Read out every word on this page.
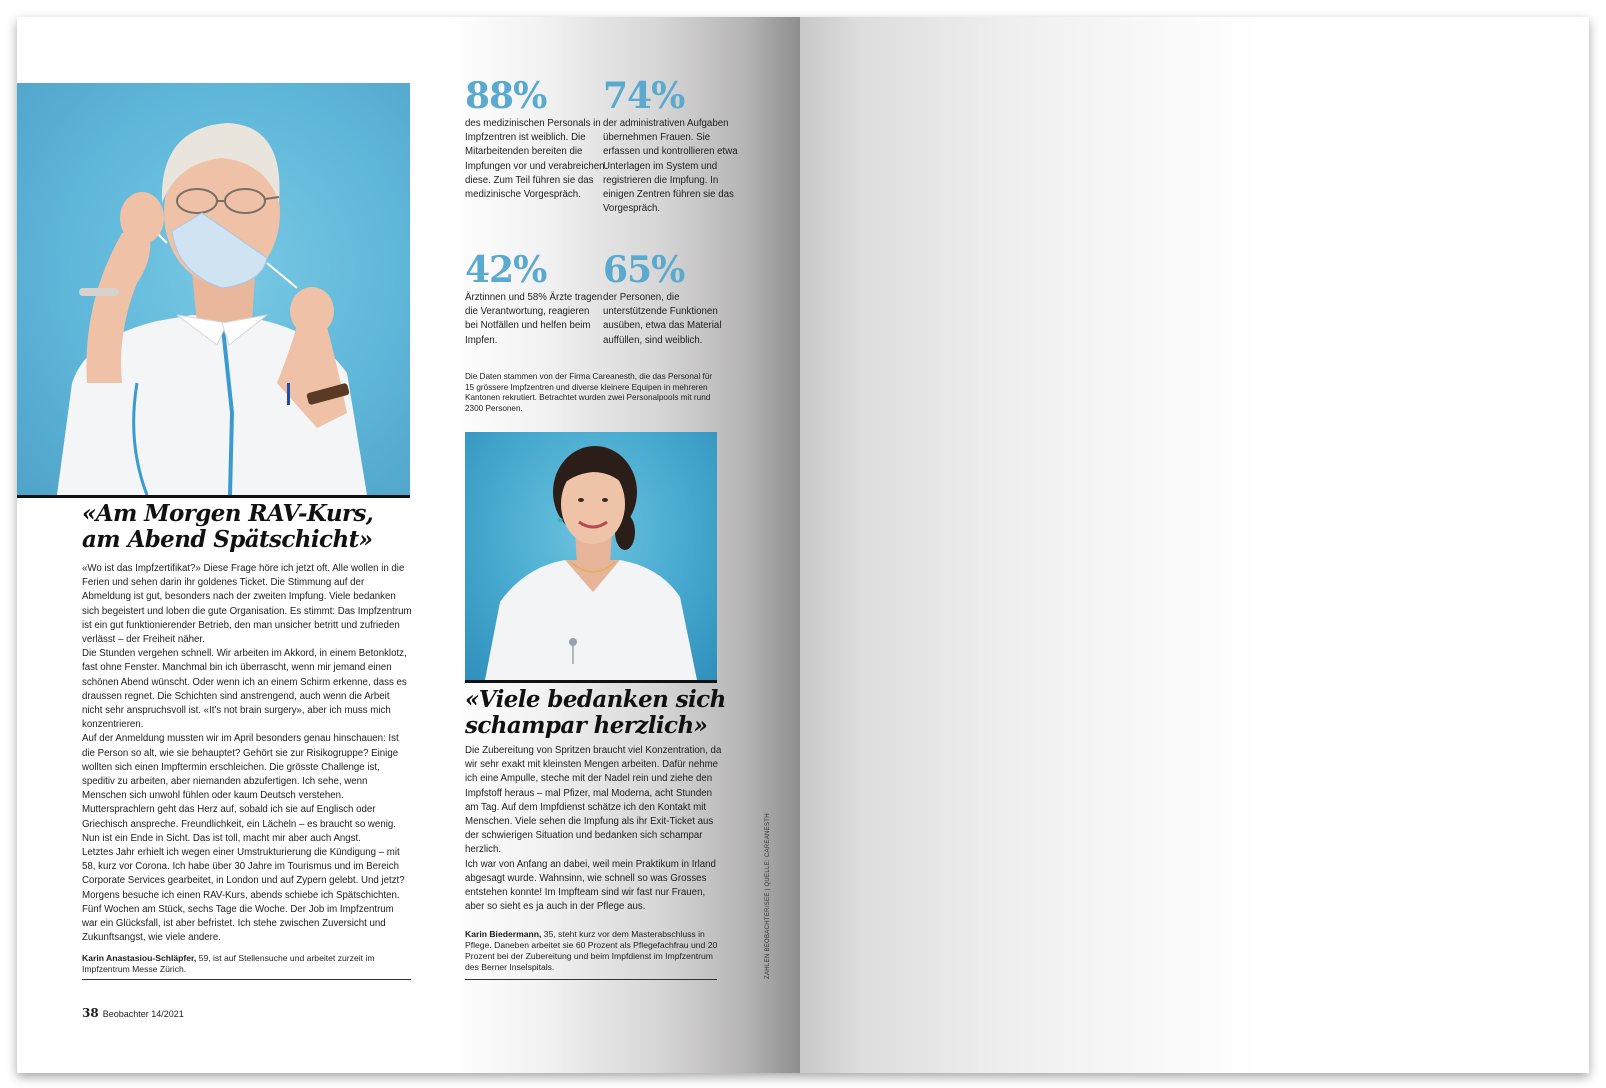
«Am Morgen RAV-Kurs,
am Abend Spätschicht»

«Wo ist das Impfzertifikat?» Diese Frage höre ich jetzt oft. Alle wollen in die Ferien und sehen darin ihr goldenes Ticket. Die Stimmung auf der Abmeldung ist gut, besonders nach der zweiten Impfung. Viele bedanken sich begeistert und loben die gute Organisation. Es stimmt: Das Impfzentrum ist ein gut funktionierender Betrieb, den man unsicher betritt und zufrieden verlässt – der Freiheit näher.

Die Stunden vergehen schnell. Wir arbeiten im Akkord, in einem Betonklotz, fast ohne Fenster. Manchmal bin ich überrascht, wenn mir jemand einen schönen Abend wünscht. Oder wenn ich an einem Schirm erkenne, dass es draussen regnet. Die Schichten sind anstrengend, auch wenn die Arbeit nicht sehr anspruchsvoll ist. «It's not brain surgery», aber ich muss mich konzentrieren.

Auf der Anmeldung mussten wir im April besonders genau hinschauen: Ist die Person so alt, wie sie behauptet? Gehört sie zur Risikogruppe? Einige wollten sich einen Impftermin erschleichen. Die grösste Challenge ist, speditiv zu arbeiten, aber niemanden abzufertigen. Ich sehe, wenn Menschen sich unwohl fühlen oder kaum Deutsch verstehen. Muttersprachlern geht das Herz auf, sobald ich sie auf Englisch oder Griechisch anspreche. Freundlichkeit, ein Lächeln – es braucht so wenig. Nun ist ein Ende in Sicht. Das ist toll, macht mir aber auch Angst.

Letztes Jahr erhielt ich wegen einer Umstrukturierung die Kündigung – mit 58, kurz vor Corona. Ich habe über 30 Jahre im Tourismus und im Bereich Corporate Services gearbeitet, in London und auf Zypern gelebt. Und jetzt? Morgens besuche ich einen RAV-Kurs, abends schiebe ich Spätschichten. Fünf Wochen am Stück, sechs Tage die Woche. Der Job im Impfzentrum war ein Glücksfall, ist aber befristet. Ich stehe zwischen Zuversicht und Zukunftsangst, wie viele andere.

Karin Anastasiou-Schläpfer, 59, ist auf Stellensuche und arbeitet zurzeit im Impfzentrum Messe Zürich.
38 Beobachter 14/2021
88%
des medizinischen Personals in Impfzentren ist weiblich. Die Mitarbeitenden bereiten die Impfungen vor und verabreichen diese. Zum Teil führen sie das medizinische Vorgespräch.
74%
der administrativen Aufgaben übernehmen Frauen. Sie erfassen und kontrollieren etwa Unterlagen im System und registrieren die Impfung. In einigen Zentren führen sie das Vorgespräch.
42%
Ärztinnen und 58% Ärzte tragen die Verantwortung, reagieren bei Notfällen und helfen beim Impfen.
65%
der Personen, die unterstützende Funktionen ausüben, etwa das Material auffüllen, sind weiblich.
Die Daten stammen von der Firma Careanesth, die das Personal für 15 grössere Impfzentren und diverse kleinere Equipen in mehreren Kantonen rekrutiert. Betrachtet wurden zwei Personalpools mit rund 2300 Personen.
«Viele bedanken sich
schampar herzlich»

Die Zubereitung von Spritzen braucht viel Konzentration, da wir sehr exakt mit kleinsten Mengen arbeiten. Dafür nehme ich eine Ampulle, steche mit der Nadel rein und ziehe den Impfstoff heraus – mal Pfizer, mal Moderna, acht Stunden am Tag. Auf dem Impfdienst schätze ich den Kontakt mit Menschen. Viele sehen die Impfung als ihr Exit-Ticket aus der schwierigen Situation und bedanken sich schampar herzlich.

Ich war von Anfang an dabei, weil mein Praktikum in Irland abgesagt wurde. Wahnsinn, wie schnell so was Grosses entstehen konnte! Im Impfteam sind wir fast nur Frauen, aber so sieht es ja auch in der Pflege aus.

Karin Biedermann, 35, steht kurz vor dem Masterabschluss in Pflege. Daneben arbeitet sie 60 Prozent als Pflegefachfrau und 20 Prozent bei der Zubereitung und beim Impfdienst im Impfzentrum des Berner Inselspitals.	ZAHLEN BEOBACHTER/SEE | QUELLE: CAREANESTH
